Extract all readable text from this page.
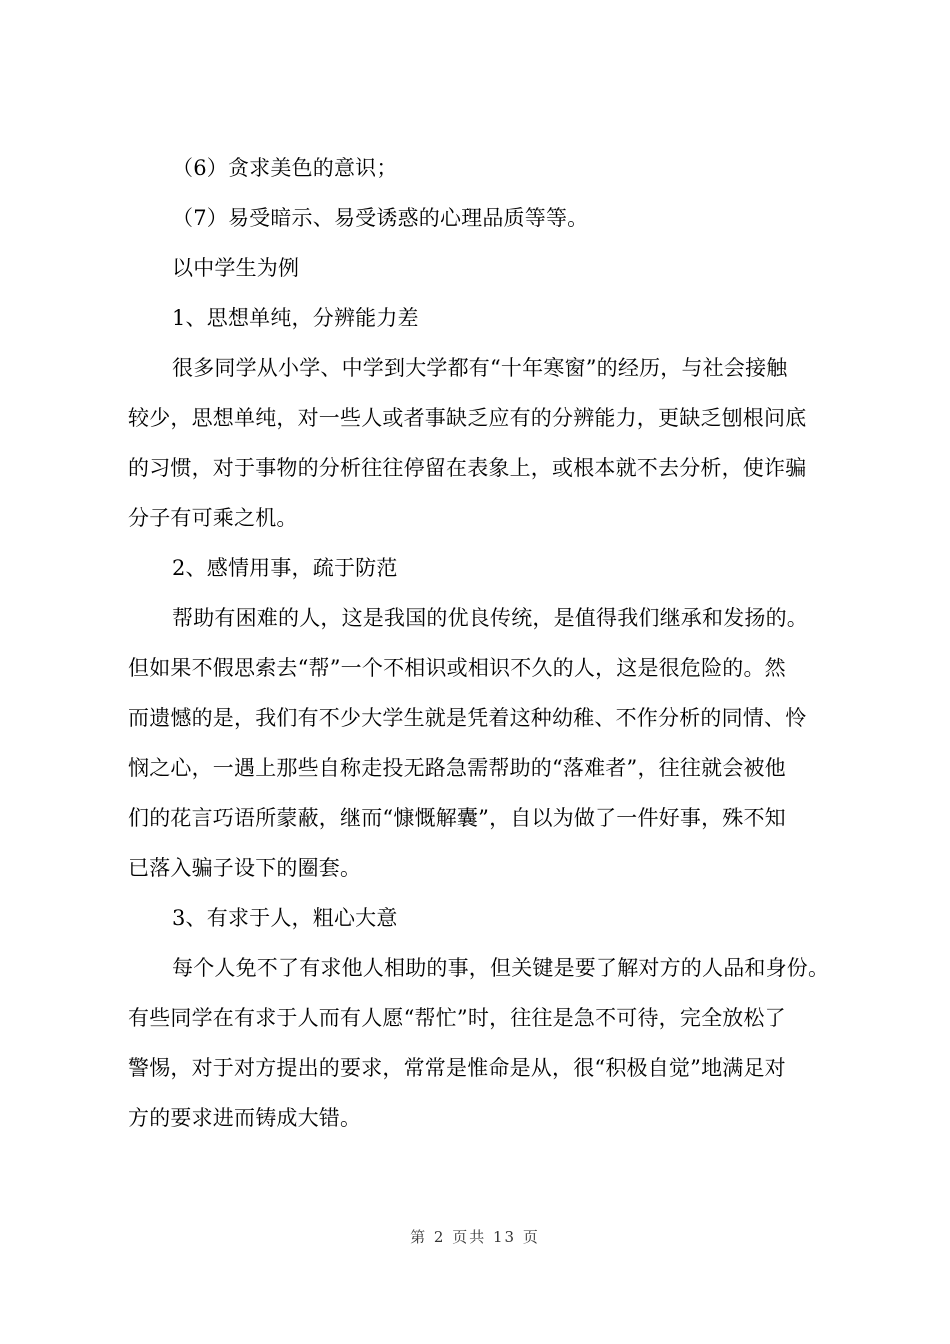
（6）贪求美色的意识；
（7）易受暗示、易受诱惑的心理品质等等。
以中学生为例
1、思想单纯，分辨能力差
很多同学从小学、中学到大学都有“十年寒窗”的经历，与社会接触
较少，思想单纯，对一些人或者事缺乏应有的分辨能力，更缺乏刨根问底
的习惯，对于事物的分析往往停留在表象上，或根本就不去分析，使诈骗
分子有可乘之机。
2、感情用事，疏于防范
帮助有困难的人，这是我国的优良传统，是值得我们继承和发扬的。
但如果不假思索去“帮”一个不相识或相识不久的人，这是很危险的。然
而遗憾的是，我们有不少大学生就是凭着这种幼稚、不作分析的同情、怜
悯之心，一遇上那些自称走投无路急需帮助的“落难者”，往往就会被他
们的花言巧语所蒙蔽，继而“慷慨解囊”，自以为做了一件好事，殊不知
已落入骗子设下的圈套。
3、有求于人，粗心大意
每个人免不了有求他人相助的事，但关键是要了解对方的人品和身份。
有些同学在有求于人而有人愿“帮忙”时，往往是急不可待，完全放松了
警惕，对于对方提出的要求，常常是惟命是从，很“积极自觉”地满足对
方的要求进而铸成大错。
第 2 页共 13 页
